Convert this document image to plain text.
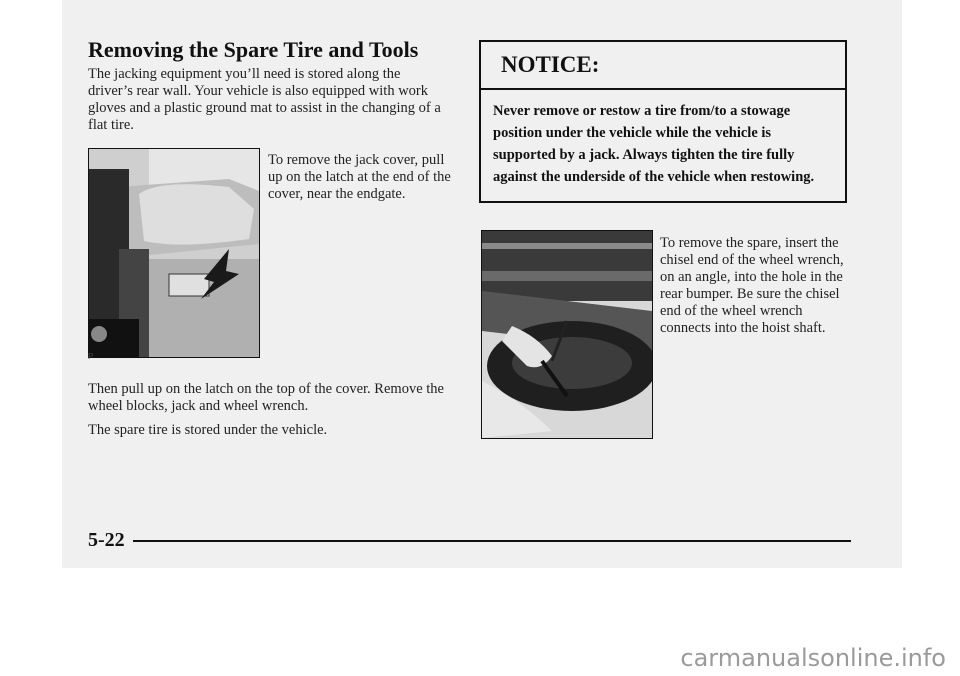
Removing the Spare Tire and Tools
The jacking equipment you’ll need is stored along the driver’s rear wall. Your vehicle is also equipped with work gloves and a plastic ground mat to assist in the changing of a flat tire.
P
To remove the jack cover, pull up on the latch at the end of the cover, near the endgate.
Then pull up on the latch on the top of the cover. Remove the wheel blocks, jack and wheel wrench.
The spare tire is stored under the vehicle.
NOTICE:
Never remove or restow a tire from/to a stowage position under the vehicle while the vehicle is supported by a jack. Always tighten the tire fully against the underside of the vehicle when restowing.
To remove the spare, insert the chisel end of the wheel wrench, on an angle, into the hole in the rear bumper. Be sure the chisel end of the wheel wrench connects into the hoist shaft.
5-22
carmanualsonline.info
